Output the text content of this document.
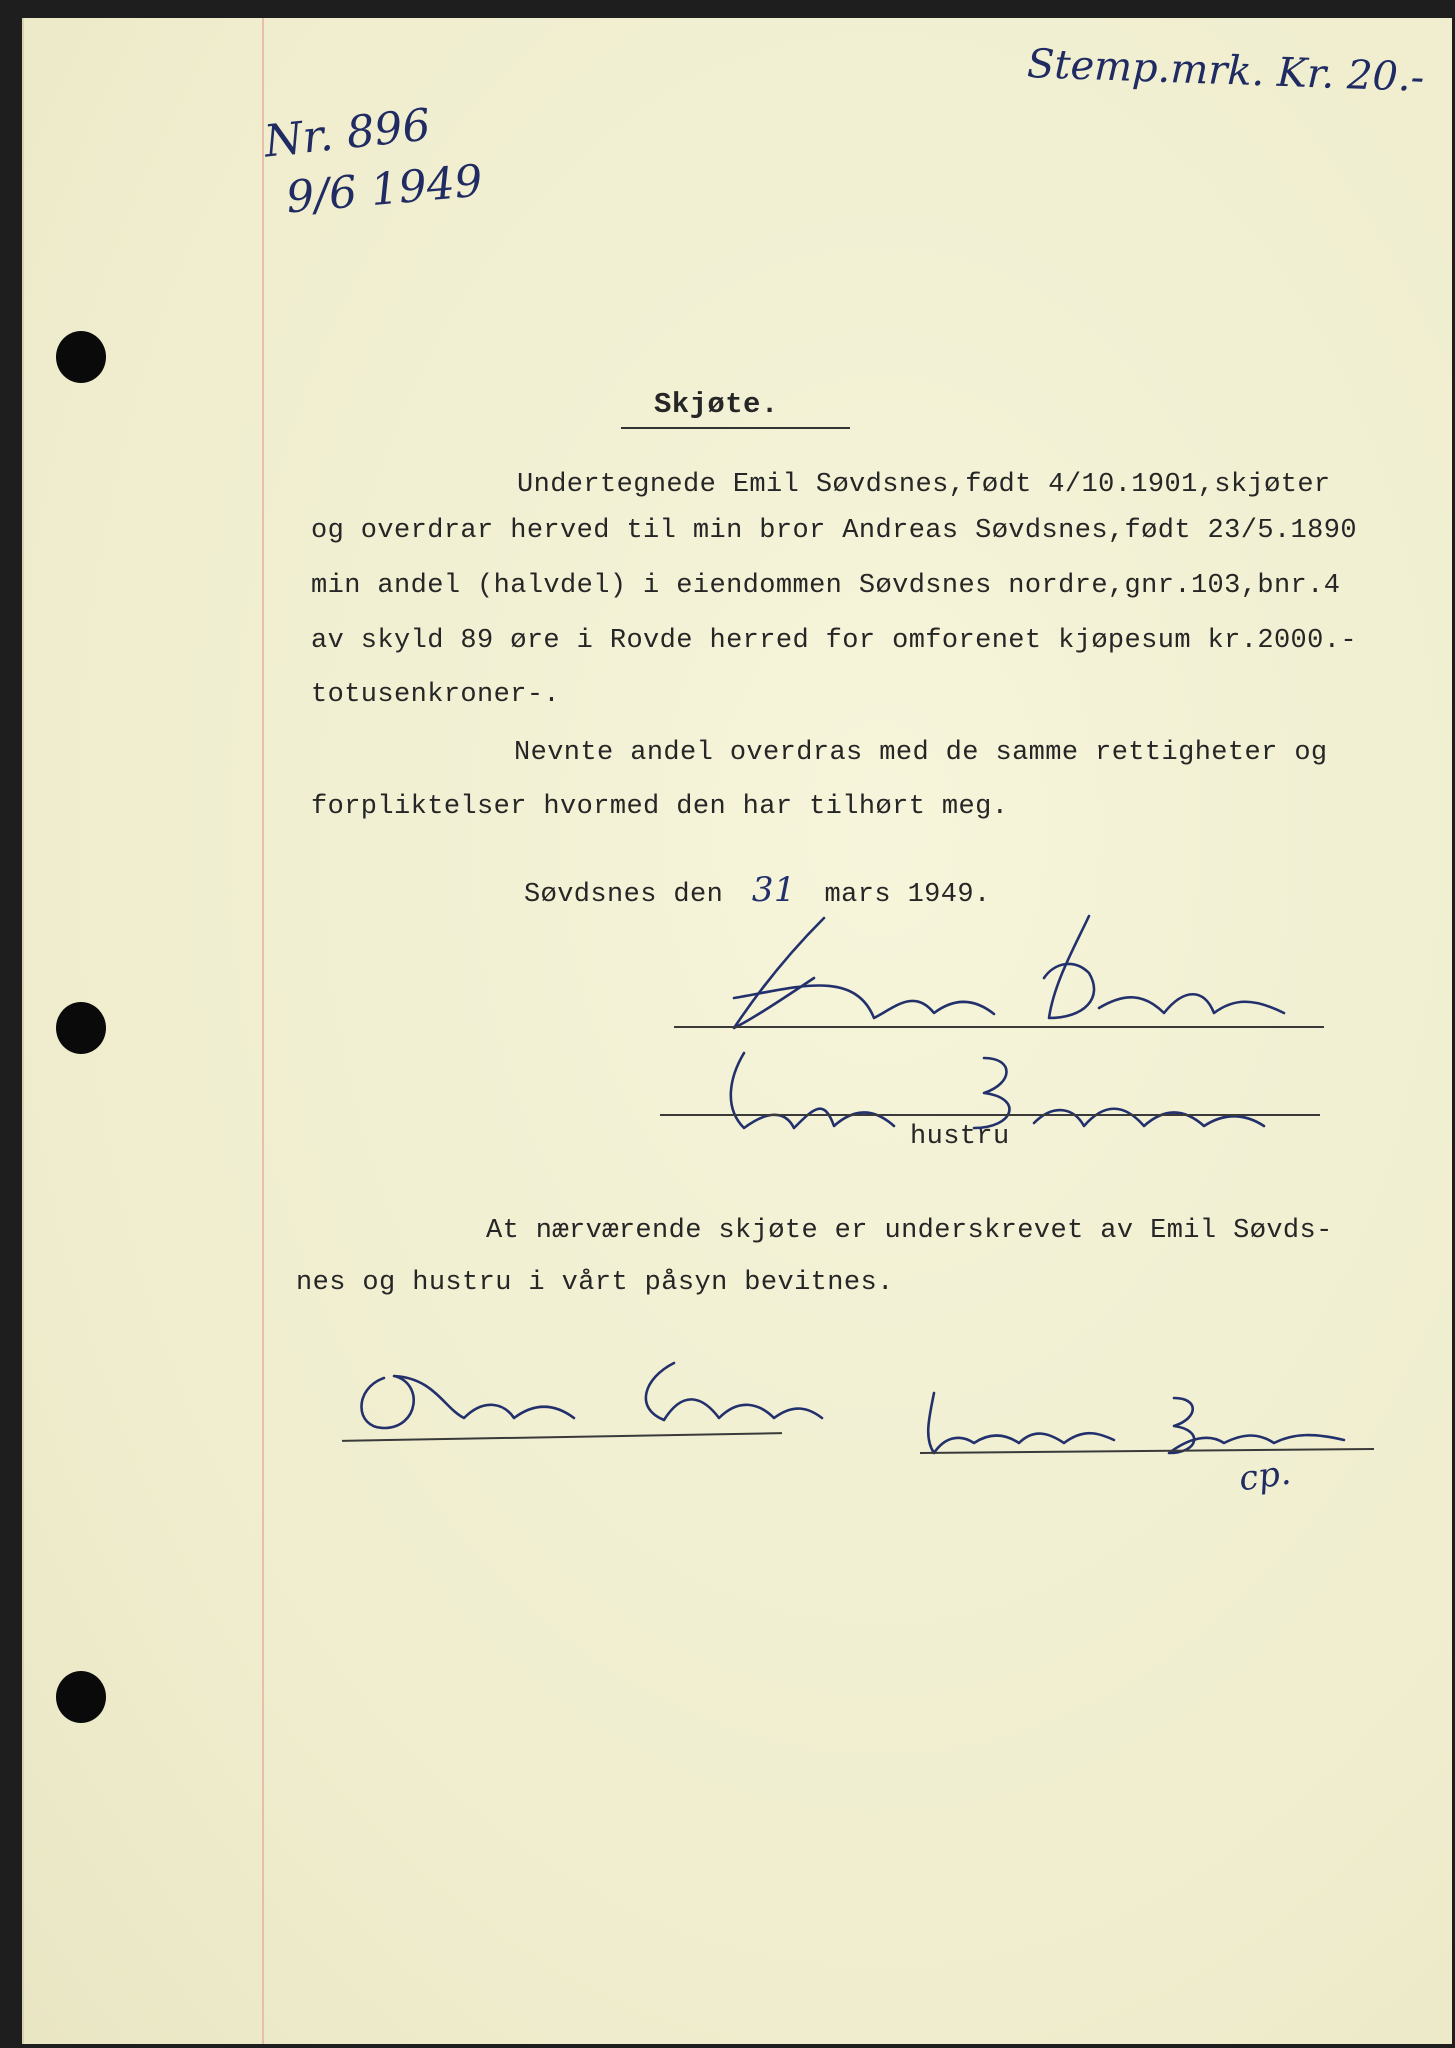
Stemp.mrk. Kr. 20.-
Nr. 896
9/6 1949
Skjøte.
Undertegnede Emil Søvdsnes,født 4/10.1901,skjøter
og overdrar herved til min bror Andreas Søvdsnes,født 23/5.1890
min andel (halvdel) i eiendommen Søvdsnes nordre,gnr.103,bnr.4
av skyld 89 øre i Rovde herred for omforenet kjøpesum kr.2000.-
totusenkroner-.
Nevnte andel overdras med de samme rettigheter og
forpliktelser hvormed den har tilhørt meg.
Søvdsnes den 31 mars 1949.
hustru
At nærværende skjøte er underskrevet av Emil Søvds-
nes og hustru i vårt påsyn bevitnes.
cp.
